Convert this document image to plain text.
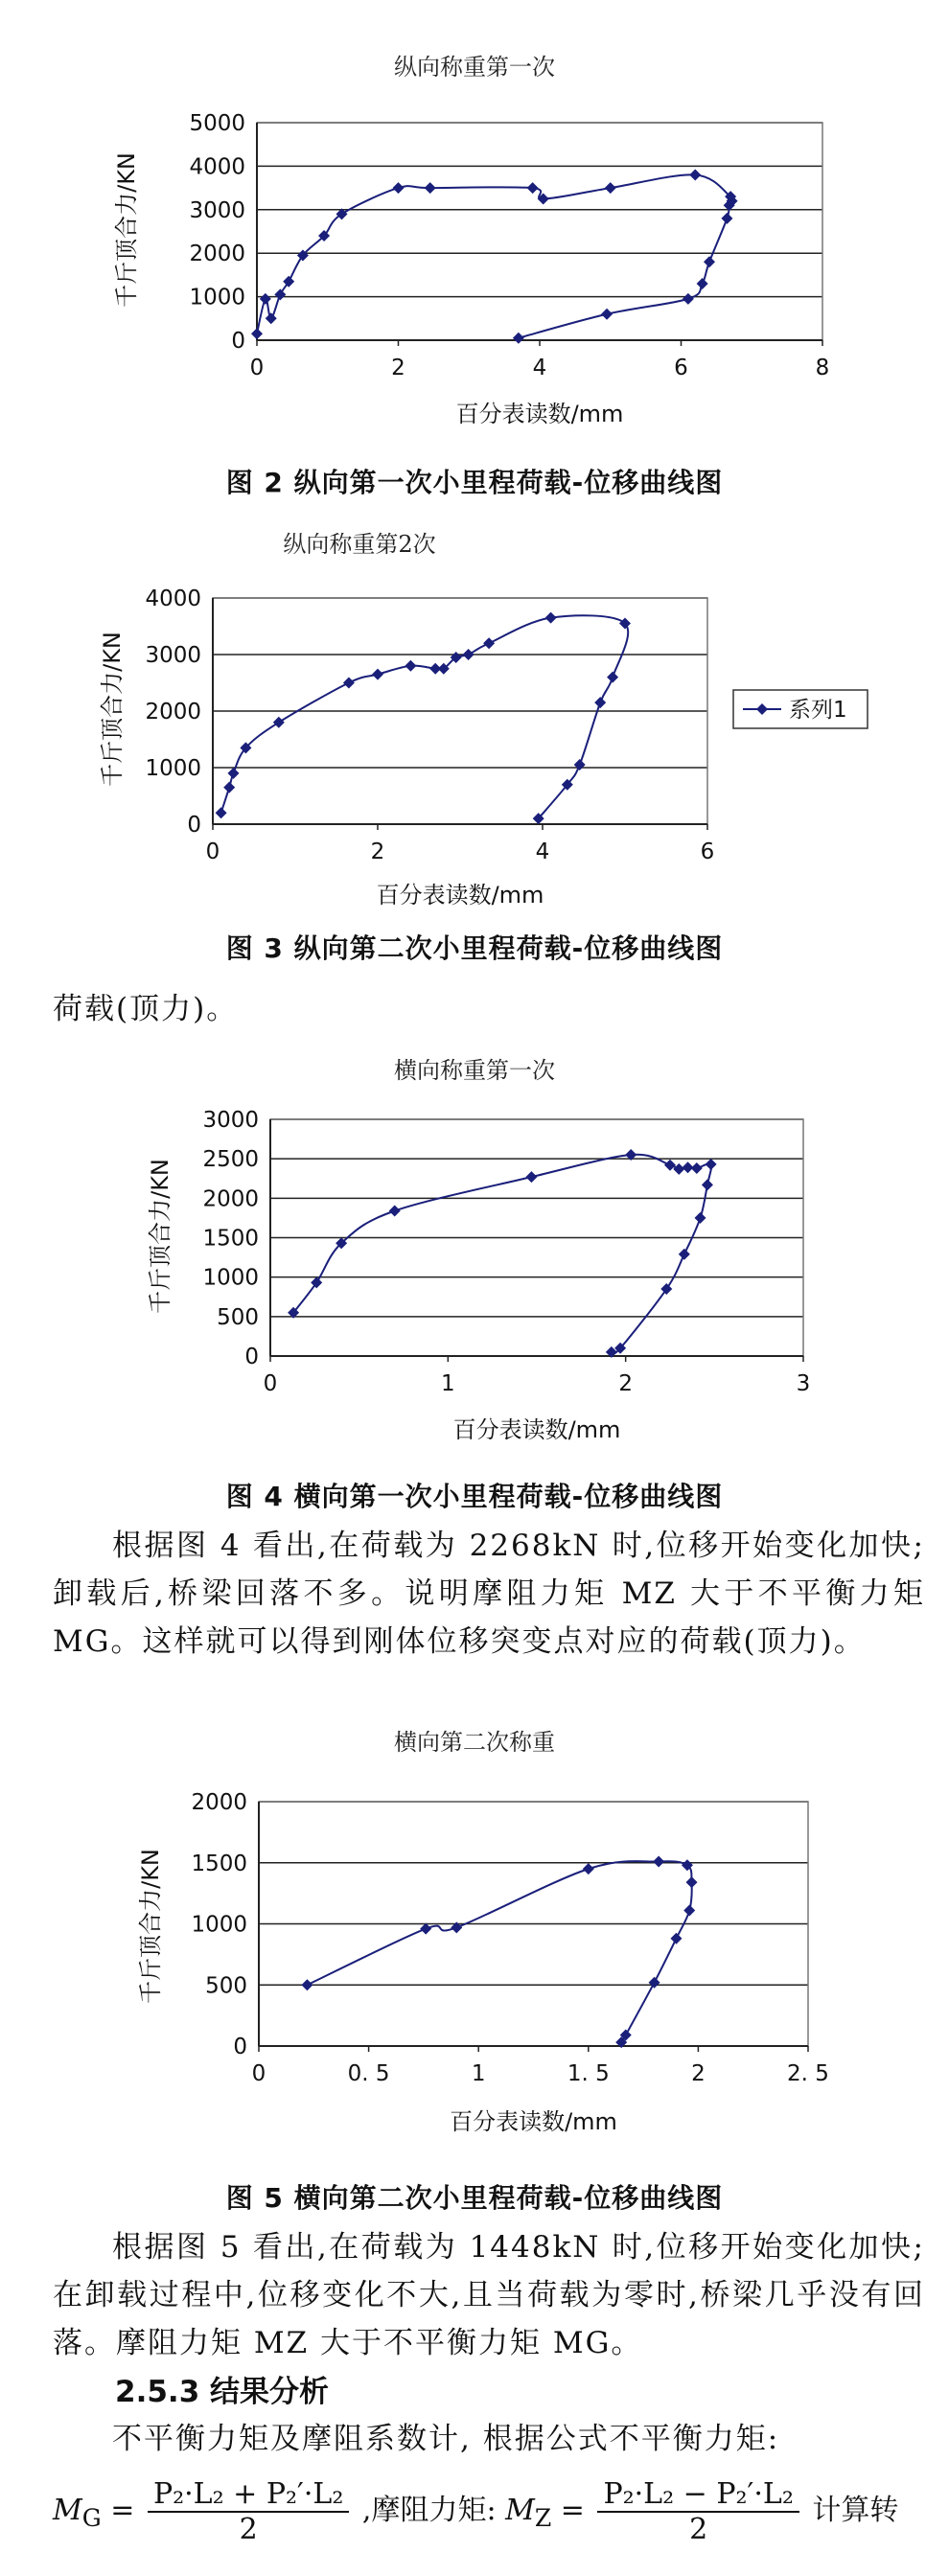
纵向称重第一次
0
1000
2000
3000
4000
5000
0	2	4	6	8
百分表读数/mm
千斤顶合力/KN
图 2 纵向第一次小里程荷载-位移曲线图
纵向称重第2次
0
1000
2000
3000
4000
0	2	4	6
百分表读数/mm
千斤顶合力/KN	系列1
图 3 纵向第二次小里程荷载-位移曲线图
荷载(顶力)。
横向称重第一次
0
500
1000
1500
2000
2500
3000
0	1	2	3
百分表读数/mm
千斤顶合力/KN
图 4 横向第一次小里程荷载-位移曲线图
根据图 4 看出,在荷载为 2268kN 时,位移开始变化加快;卸载后,桥梁回落不多。说明摩阻力矩 MZ 大于不平衡力矩 MG。这样就可以得到刚体位移突变点对应的荷载(顶力)。
横向第二次称重
0
500
1000
1500
2000
0	0. 5	1	1. 5	2	2. 5
百分表读数/mm
千斤顶合力/KN
图 5 横向第二次小里程荷载-位移曲线图
根据图 5 看出,在荷载为 1448kN 时,位移开始变化加快;在卸载过程中,位移变化不大,且当荷载为零时,桥梁几乎没有回落。摩阻力矩 MZ 大于不平衡力矩 MG。
2.5.3 结果分析
不平衡力矩及摩阻系数计, 根据公式不平衡力矩:
$M_G = \frac{\text{P₂·L₂ + P₂′·L₂}}{2}$ ,摩阻力矩: $M_Z = \frac{\text{P₂·L₂ − P₂′·L₂}}{2}$ 计算转
